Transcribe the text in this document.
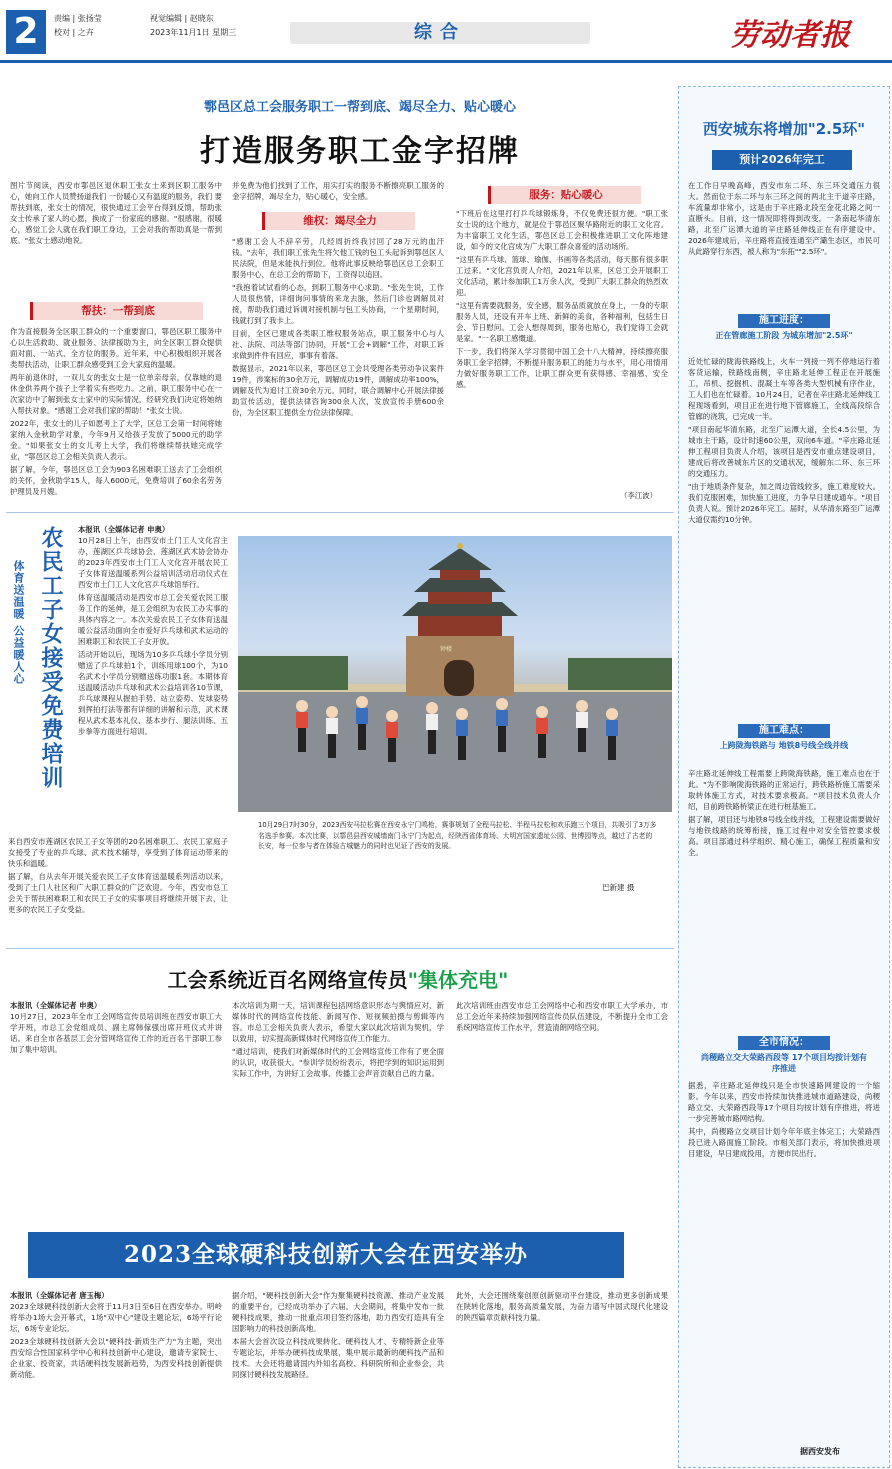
2	责编 | 张扬莹
校对 | 之卉
视觉编辑 | 赵晓东
2023年11月1日 星期三	综合	劳动者报
鄠邑区总工会服务职工一帮到底、竭尽全力、贴心暖心
打造服务职工金字招牌

图片节阅读，西安市鄠邑区退休职工张女士来到区职工服务中心，她向工作人员赞扬道我们 一份暖心又有温度的服务，我们 要帮扶到底，张女士的情况，很快通过工会平台得到反馈，帮助张女士传承了家人的心愿，换成了一份家庭的感谢。"很感谢，很暖心，感觉工会人就在我们职工身边，工会对我的帮助真是一帮到底。"张女士感动地说。

帮扶：一帮到底

作为直接服务全区职工群众的一个重要窗口，鄠邑区职工服务中心以生活救助、就业服务、法律援助为主，向全区职工群众提供面对面、一站式、全方位的服务。近年来，中心积极组织开展各类帮扶活动，让职工群众感受到工会大家庭的温暖。

两年前退休时，一双儿女的张女士是一位单亲母亲，仅靠她的退休金供养两个孩子上学着实有些吃力。之前，职工服务中心在一次家访中了解到张女士家中的实际情况，经研究我们决定将她纳入帮扶对象。"感谢工会对我们家的帮助！"张女士说。

2022年，张女士的儿子如愿考上了大学，区总工会第一时间将她家纳入金秋助学对象，今年9月又给孩子发放了5000元的助学金。"如果张女士的女儿考上大学，我们将继续帮扶她完成学业，"鄠邑区总工会相关负责人表示。

据了解，今年，鄠邑区总工会为903名困难职工送去了工会组织的关怀，金秋助学15人，每人6000元，免费培训了60余名劳务护理员及月嫂。

并免费为他们找到了工作，用实打实的服务不断擦亮职工服务的金字招牌，竭尽全力，贴心暖心，安全感。

维权：竭尽全力

"感谢工会人不辞辛劳，几经周折终我讨回了28万元的血汗钱。"去年，我们职工张先生将欠他工钱的包工头起诉到鄠邑区人民法院，但是未能执行到位。他将此事反映给鄠邑区总工会职工服务中心，在总工会的帮助下，工资得以追回。

"我抱着试试看的心态，到职工服务中心求助。"张先生说，工作人员很热情，详细询问事情的来龙去脉，然后门诊也调解员对接，帮助我们通过诉调对接机制与包工头协商，一个星期时间，钱就打到了我卡上。

目前，全区已建成各类职工维权服务站点，职工服务中心与人社、法院、司法等部门协同，开展"工会+调解"工作，对职工诉求做到件件有回应，事事有着落。

数据显示，2021年以来，鄠邑区总工会共受理各类劳动争议案件19件，涉案标的30余万元，调解成功19件，调解成功率100%，调解及代为追讨工资30余万元。同时，联合调解中心开展法律援助宣传活动，提供法律咨询300余人次，发放宣传手册600余份，为全区职工提供全方位法律保障。

服务：贴心暖心

"下班后在这里打打乒乓球锻炼身，不仅免费还很方便。"职工张女士说的这个地方，就是位于鄠邑区聚华路附近的职工文化宫。为丰富职工文化生活，鄠邑区总工会积极推进职工文化阵地建设，如今的文化宫成为广大职工群众喜爱的活动场所。

"这里有乒乓球、篮球、瑜伽、书画等各类活动，每天都有很多职工过来。"文化宫负责人介绍，2021年以来，区总工会开展职工文化活动，累计参加职工1万余人次，受到广大职工群众的热烈欢迎。

"这里有需要就服务，安全感，服务品质就放在身上，一身的专职服务人员，还设有开车上班、新鲜的美食，各种福利，包括生日会、节日慰问。工会人想得周到，服务也贴心，我们觉得工会就是家。"一名职工感慨道。

下一步，我们将深入学习贯彻中国工会十八大精神，持续擦亮服务职工金字招牌，不断提升服务职工的能力与水平，用心用情用力做好服务职工工作，让职工群众更有获得感、幸福感、安全感。

（李江波）
农民工子女接受免费培训
体育送温暖 公益暖人心
本报讯（全媒体记者 申奥）

10月28日上午，由西安市土门工人文化宫主办，莲湖区乒乓球协会、莲湖区武术协会协办的2023年西安市土门工人文化宫开展农民工子女体育送温暖系列公益培训活动启动仪式在西安市土门工人文化宫乒乓球馆举行。

体育送温暖活动是西安市总工会关爱农民工服务工作的延伸，是工会组织为农民工办实事的具体内容之一。本次关爱农民工子女体育送温暖公益活动面向全市爱好乒乓球和武术运动的困难职工和农民工子女开放。

活动开始以后，现场为10多乒乓球小学员分别赠送了乒乓球拍1个，训练用球100个，为10名武术小学员分别赠送练功服1套。本期体育送温暖活动乒乓球和武术公益培训各10节课，乒乓球课程从握拍手势、站立姿势、发球姿势到挥拍打法等都有详细的讲解和示范，武术课程从武术基本礼仪、基本步行、腿法训练、五步拳等方面进行培训。

来自西安市莲湖区农民工子女等团的20名困难职工、农民工家庭子女接受了专业的乒乓球、武术技术辅导，享受到了体育运动带来的快乐和温暖。

据了解，自从去年开展关爱农民工子女体育送温暖系列活动以来，受到了土门人社区和广大职工群众的广泛欢迎。今年，西安市总工会关于帮扶困难职工和农民工子女的实事项目将继续开展下去，让更多的农民工子女受益。

钟楼
10月29日7时30分，2023西安马拉松赛在西安永宁门鸣枪，赛事规划了全程马拉松、半程马拉松和欢乐跑三个项目，共吸引了3万多名选手参赛。本次比赛，以鄠邑县西安城墙南门永宁门为起点，经陕西省体育场、大明宫国家遗址公园、世博园等点，越过了古老的长安，每一位参与者在体验古城魅力的同时也见证了西安的发展。
巴新建 摄
工会系统近百名网络宣传员"集体充电"
本报讯（全媒体记者 申奥）

10月27日，2023年全市工会网络宣传员培训班在西安市职工大学开班，市总工会党组成员、副主席韩傢强出席开班仪式并讲话。来自全市各基层工会分管网络宣传工作的近百名干部职工参加了集中培训。

本次培训为期一天，培训课程包括网络意识形态与舆情应对、新媒体时代的网络宣传技能、新闻写作、短视频拍摄与剪辑等内容。市总工会相关负责人表示，希望大家以此次培训为契机，学以致用，切实提高新媒体时代网络宣传工作能力。

"通过培训，使我们对新媒体时代的工会网络宣传工作有了更全面的认识，收获很大。"参训学员纷纷表示，将把学到的知识运用到实际工作中，为讲好工会故事、传播工会声音贡献自己的力量。

此次培训班由西安市总工会网络中心和西安市职工大学承办，市总工会近年来持续加强网络宣传员队伍建设，不断提升全市工会系统网络宣传工作水平，营造清朗网络空间。

2023全球硬科技创新大会在西安举办
本报讯（全媒体记者 唐玉梅）

2023全球硬科技创新大会将于11月3日至6日在西安举办。明岭将举办1场大会开幕式，1场"双中心"建设主题论坛，6场平行论坛，6场专业论坛。

2023全球硬科技创新大会以"硬科技·新质生产力"为主题，突出西安综合性国家科学中心和科技创新中心建设，邀请专家院士、企业家、投资家，共话硬科技发展新趋势，为西安科技创新提供新动能。

据介绍，"硬科技创新大会"作为聚集硬科技资源、推动产业发展的重要平台，已经成功举办了六届。大会期间，将集中发布一批硬科技成果，推动一批重点项目签约落地，助力西安打造具有全国影响力的科技创新高地。

本届大会首次设立科技成果转化、硬科技人才、专精特新企业等专题论坛，并举办硬科技成果展，集中展示最新的硬科技产品和技术。大会还将邀请国内外知名高校、科研院所和企业参会，共同探讨硬科技发展路径。

此外，大会还围绕秦创原创新驱动平台建设，推动更多创新成果在陕转化落地，服务高质量发展，为奋力谱写中国式现代化建设的陕西篇章贡献科技力量。

西安城东将增加"2.5环"
预计2026年完工
在工作日早晚高峰，西安市东二环、东三环交通压力很大。然而位于东二环与东三环之间的两北主干道辛庄路，车流量却非常小，这是由于辛庄路北段至金花北路之间一直断头。目前，这一情况即将得到改变。一条南起华清东路，北至广运潭大道的辛庄路延伸线正在有序建设中。2026年建成后，辛庄路将直接连通至产灞生态区，市民可从此路穿行东西，被人称为"东拓""2.5环"。
施工进度：
正在管廊施工阶段 为城东增加"2.5环"

近处忙碌的陇海铁路线上，火车一列接一列不停地运行着客货运输，铁路线南侧，辛庄路北延伸工程正在开展施工，吊机、挖掘机、混凝土车等各类大型机械有序作业，工人们也在忙碌着。10月24日，记者在辛庄路北延伸线工程现场看到，项目正在进行地下管廊施工，全线高段综合管廊的浇筑，已完成一半。

"项目南起华清东路，北至广运潭大道，全长4.5公里，为城市主干路，设计时速60公里，双向6车道。"辛庄路北延伸工程项目负责人介绍，该项目是西安市重点建设项目，建成后将改善城东片区的交通状况，缓解东二环、东三环的交通压力。

"由于地质条件复杂，加之周边管线较多，施工难度较大。我们克服困难，加快施工进度，力争早日建成通车。"项目负责人说。预计2026年完工。届时，从华清东路至广运潭大道仅需约10分钟。

施工难点：
上跨陇海铁路与 地铁8号线全线并线

辛庄路北延伸线工程需要上跨陇海铁路，施工难点也在于此。"为不影响陇海铁路的正常运行，跨铁路桥施工需要采取转体施工方式，对技术要求极高。"项目技术负责人介绍，目前跨铁路桥梁正在进行桩基施工。

据了解，项目还与地铁8号线全线并线，工程建设需要做好与地铁线路的统筹衔接，施工过程中对安全管控要求极高。项目部通过科学组织、精心施工，确保工程质量和安全。

全市情况：
尚稷路立交大荣路西段等 17个项目均按计划有序推进

据悉，辛庄路北延伸线只是全市快速路网建设的一个缩影。今年以来，西安市持续加快推进城市道路建设，尚稷路立交、大荣路西段等17个项目均按计划有序推进，将进一步完善城市路网结构。

其中，尚稷路立交项目计划今年年底主体完工；大荣路西段已进入路面施工阶段。市相关部门表示，将加快推进项目建设，早日建成投用，方便市民出行。

据西安发布
